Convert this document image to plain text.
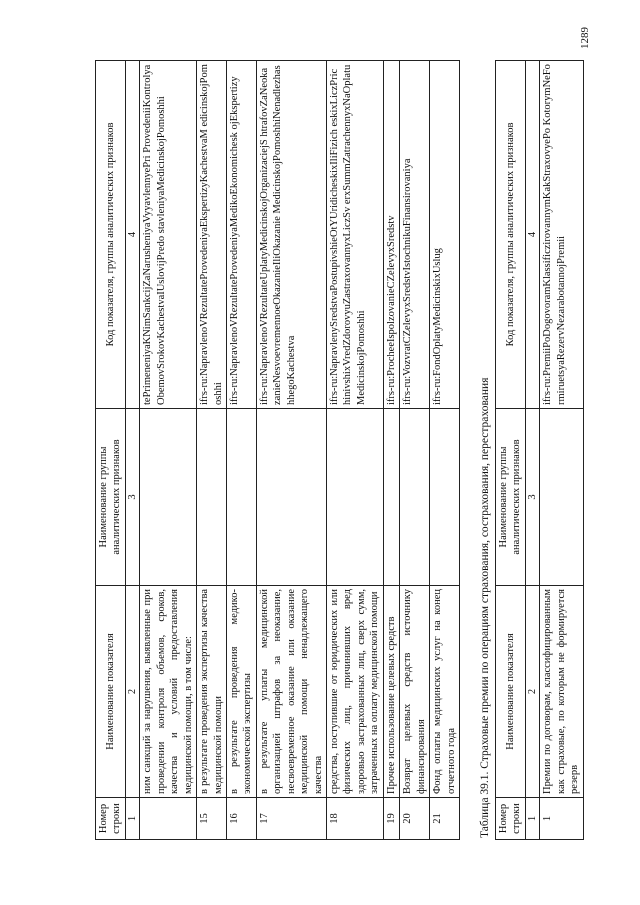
Номер строки	Наименование показателя	Наименование группы аналитических признаков	Код показателя, группы аналитических признаков
1	2	3	4
	ним санкций за нарушения, выявленные при проведении контроля объемов, сроков, качества и условий предоставления медицинской помощи, в том числе:		tePrimeneniyaKNimSankcijZaNarusheniyaVyyavlennyePri ProvedeniiKontrolyaObemovSrokovKachestvaIUslovijPredo stavleniyaMedicinskojPomoshhi
15	в результате проведения экспертизы качества медицинской помощи		ifrs-ru:NapravlenoVRezultateProvedeniyaEkspertizyKachestvaM edicinskojPomoshhi
16	в результате проведения медико-экономической экспертизы		ifrs-ru:NapravlenoVRezultateProvedeniyaMedikoEkonomichesk ojEkspertizy
17	в результате уплаты медицинской организацией штрафов за неоказание, несвоевременное оказание или оказание медицинской помощи ненадлежащего качества		ifrs-ru:NapravlenoVRezultateUplatyMedicinskojOrganizaciejS htrafovZaNeokazanieNesvoevremennoeOkazanieIliOkazanie MedicinskojPomoshhiNenadlezhashhegoKachestva
18	средства, поступившие от юридических или физических лиц, причинивших вред здоровью застрахованных лиц, сверх сумм, затраченных на оплату медицинской помощи		ifrs-ru:NapravlenySredstvaPostupivshieOtYUridicheskixIliFizich eskixLiczPrichinivshixVredZdorovyuZastraxovannyxLiczSv erxSummZatrachennyxNaOplatuMedicinskojPomoshhi
19	Прочее использование целевых средств		ifrs-ru:ProcheeIspolzovanieCZelevyxSredstv
20	Возврат целевых средств источнику финансирования		ifrs-ru:VozvratCZelevyxSredstvIstochnikuFinansirovaniya
21	Фонд оплаты медицинских услуг на конец отчетного года		ifrs-ru:FondOplatyMedicinskixUslug
Таблица 39.1. Страховые премии по операциям страхования, сострахования, перестрахования Номер строки	Наименование показателя	Наименование группы аналитических признаков	Код показателя, группы аналитических признаков
1	2	3	4
1	Премии по договорам, классифицированным как страховые, по которым не формируется резерв		ifrs-ru:PremiiPoDogovoramKlassificzirovannymKakStraxovyePo KotorymNeFormiruetsyaRezervNezarabotannojPremii
1289
